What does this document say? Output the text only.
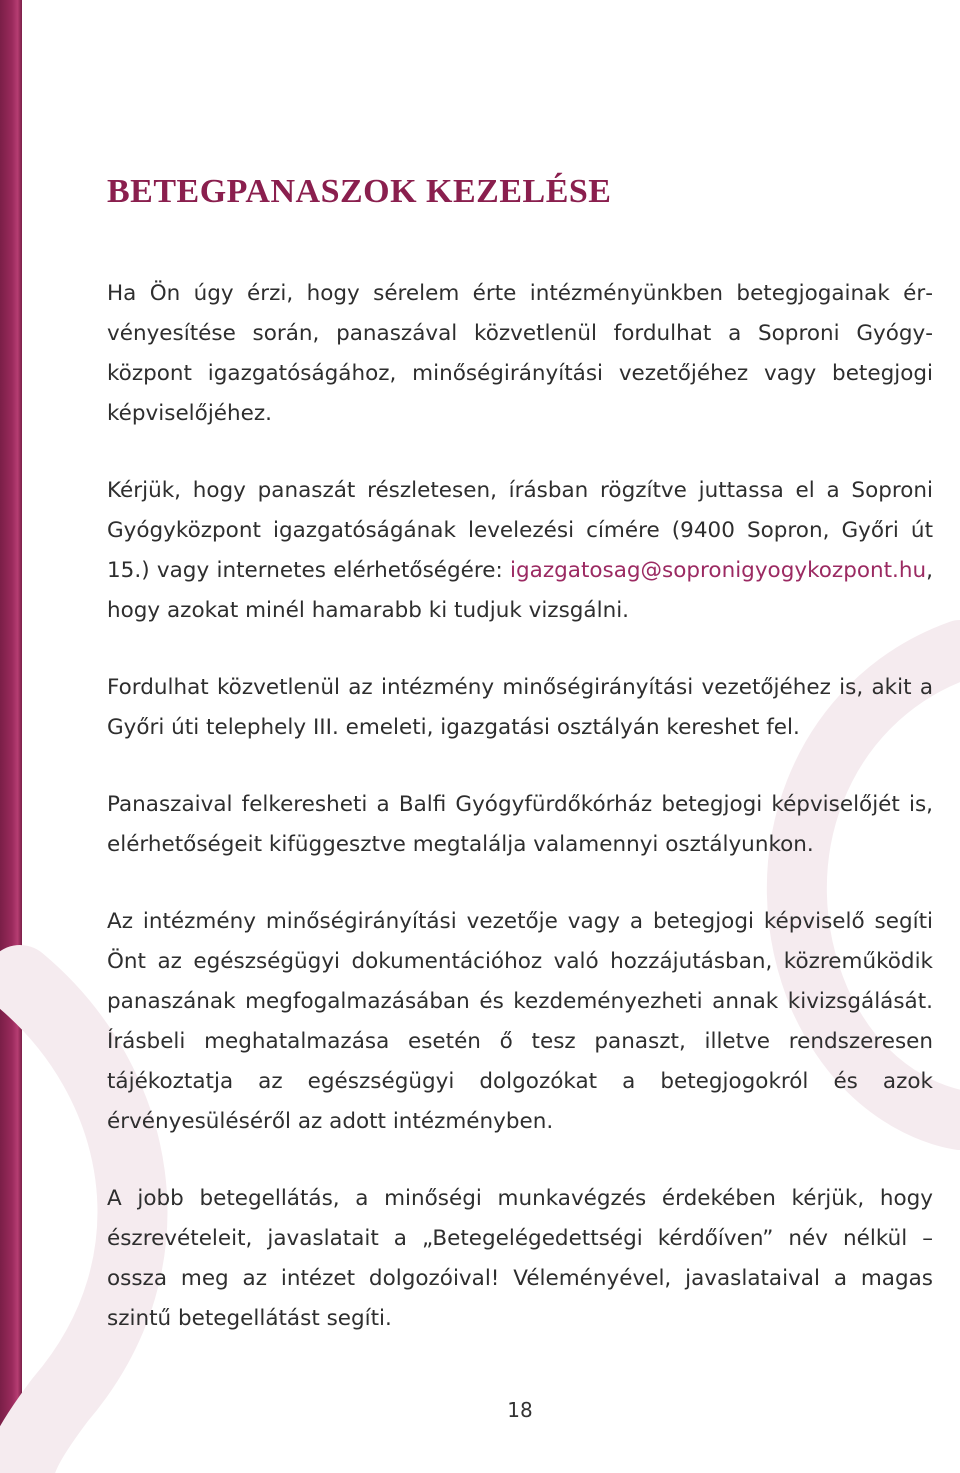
BETEGPANASZOK KEZELÉSE

Ha Ön úgy érzi, hogy sérelem érte intézményünkben betegjogainak érvényesítése során, panaszával közvetlenül fordulhat a Soproni Gyógyközpont igazgatóságához, minőségirányítási vezetőjéhez vagy betegjogi képviselőjéhez.

Kérjük, hogy panaszát részletesen, írásban rögzítve juttassa el a Soproni Gyógyközpont igazgatóságának levelezési címére (9400 Sopron, Győri út 15.) vagy internetes elérhetőségére: igazgatosag@sopronigyogykozpont.hu, hogy azokat minél hamarabb ki tudjuk vizsgálni.

Fordulhat közvetlenül az intézmény minőségirányítási vezetőjéhez is, akit a Győri úti telephely III. emeleti, igazgatási osztályán kereshet fel.

Panaszaival felkeresheti a Balfi Gyógyfürdőkórház betegjogi képviselőjét is, elérhetőségeit kifüggesztve megtalálja valamennyi osztályunkon.

Az intézmény minőségirányítási vezetője vagy a betegjogi képviselő segíti Önt az egészségügyi dokumentációhoz való hozzájutásban, közreműködik panaszának megfogalmazásában és kezdeményezheti annak kivizsgálását. Írásbeli meghatalmazása esetén ő tesz panaszt, illetve rendszeresen tájékoztatja az egészségügyi dolgozókat a betegjogokról és azok érvényesüléséről az adott intézményben.

A jobb betegellátás, a minőségi munkavégzés érdekében kérjük, hogy észrevételeit, javaslatait a „Betegelégedettségi kérdőíven” név nélkül – ossza meg az intézet dolgozóival! Véleményével, javaslataival a magas szintű betegellátást segíti.

18
